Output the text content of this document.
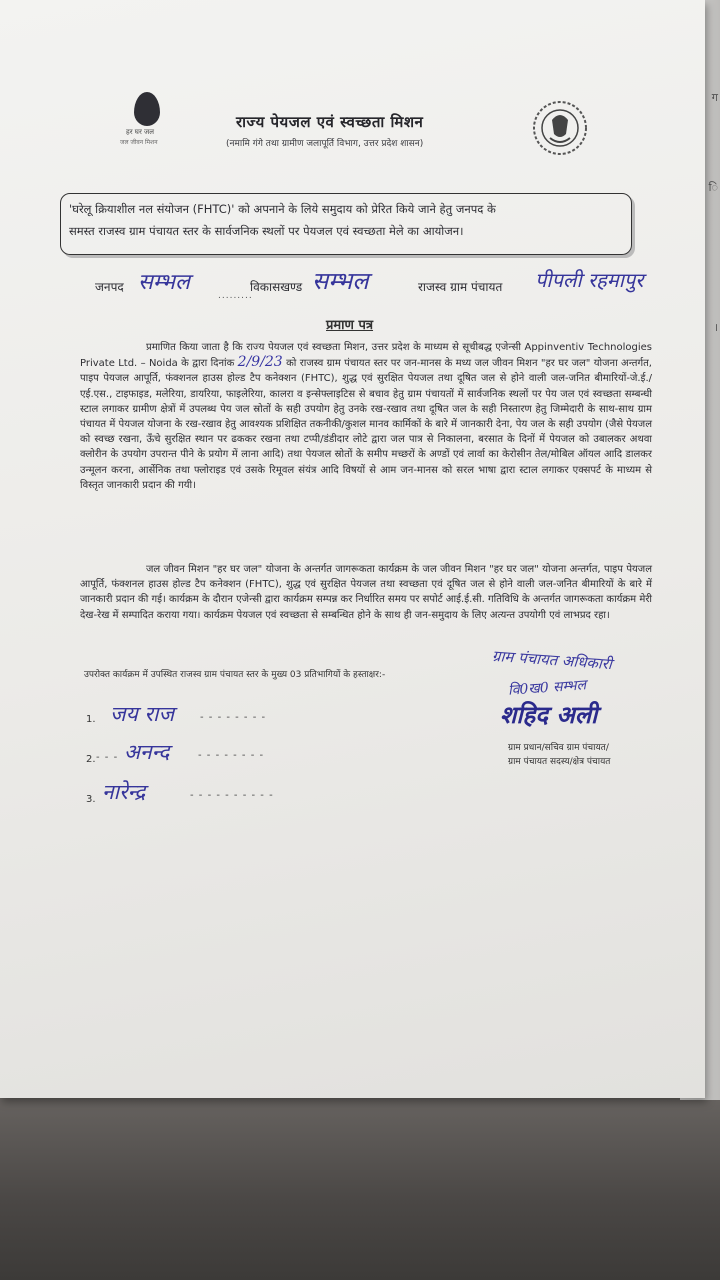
ग
ि
।
हर घर जल
जल जीवन मिशन
राज्य पेयजल एवं स्वच्छता मिशन
(नमामि गंगे तथा ग्रामीण जलापूर्ति विभाग, उत्तर प्रदेश शासन)
'घरेलू क्रियाशील नल संयोजन (FHTC)' को अपनाने के लिये समुदाय को प्रेरित किये जाने हेतु जनपद के
समस्त राजस्व ग्राम पंचायत स्तर के सार्वजनिक स्थलों पर पेयजल एवं स्वच्छता मेले का आयोजन।
जनपद सम्भल
.........
विकासखण्ड सम्भल	राजस्व ग्राम पंचायत पीपली रहमापुर
प्रमाण पत्र
प्रमाणित किया जाता है कि राज्य पेयजल एवं स्वच्छता मिशन, उत्तर प्रदेश के माध्यम से सूचीबद्ध एजेन्सी Appinventiv Technologies Private Ltd. – Noida के द्वारा दिनांक 2/9/23 को राजस्व ग्राम पंचायत स्तर पर जन-मानस के मध्य जल जीवन मिशन "हर घर जल" योजना अन्तर्गत, पाइप पेयजल आपूर्ति, फंक्शनल हाउस होल्ड टैप कनेक्शन (FHTC), शुद्ध एवं सुरक्षित पेयजल तथा दूषित जल से होने वाली जल-जनित बीमारियों-जे.ई./एई.एस., टाइफाइड, मलेरिया, डायरिया, फाइलेरिया, कालरा व इन्सेफ्लाइटिस से बचाव हेतु ग्राम पंचायतों में सार्वजनिक स्थलों पर पेय जल एवं स्वच्छता सम्बन्धी स्टाल लगाकर ग्रामीण क्षेत्रों में उपलब्ध पेय जल स्रोतों के सही उपयोग हेतु उनके रख-रखाव तथा दूषित जल के सही निस्तारण हेतु जिम्मेदारी के साथ-साथ ग्राम पंचायत में पेयजल योजना के रख-रखाव हेतु आवश्यक प्रशिक्षित तकनीकी/कुशल मानव कार्मिकों के बारे में जानकारी देना, पेय जल के सही उपयोग (जैसे पेयजल को स्वच्छ रखना, ऊँचे सुरक्षित स्थान पर ढककर रखना तथा टप्पी/डंडीदार लोटे द्वारा जल पात्र से निकालना, बरसात के दिनों में पेयजल को उबालकर अथवा क्लोरीन के उपयोग उपरान्त पीने के प्रयोग में लाना आदि) तथा पेयजल स्रोतों के समीप मच्छरों के अण्डों एवं लार्वा का केरोसीन तेल/मोबिल ऑयल आदि डालकर उन्मूलन करना, आर्सेनिक तथा फ्लोराइड एवं उसके रिमूवल संयंत्र आदि विषयों से आम जन-मानस को सरल भाषा द्वारा स्टाल लगाकर एक्सपर्ट के माध्यम से विस्तृत जानकारी प्रदान की गयी।
जल जीवन मिशन "हर घर जल" योजना के अन्तर्गत जागरूकता कार्यक्रम के जल जीवन मिशन "हर घर जल" योजना अन्तर्गत, पाइप पेयजल आपूर्ति, फंक्शनल हाउस होल्ड टैप कनेक्शन (FHTC), शुद्ध एवं सुरक्षित पेयजल तथा स्वच्छता एवं दूषित जल से होने वाली जल-जनित बीमारियों के बारे में जानकारी प्रदान की गई। कार्यक्रम के दौरान एजेन्सी द्वारा कार्यक्रम सम्पन्न कर निर्धारित समय पर सपोर्ट आई.ई.सी. गतिविधि के अन्तर्गत जागरूकता कार्यक्रम मेरी देख-रेख में सम्पादित कराया गया। कार्यक्रम पेयजल एवं स्वच्छता से सम्बन्धित होने के साथ ही जन-समुदाय के लिए अत्यन्त उपयोगी एवं लाभप्रद रहा।
उपरोक्त कार्यक्रम में उपस्थित राजस्व ग्राम पंचायत स्तर के मुख्य 03 प्रतिभागियों के हस्ताक्षर:-
1. जय राज	- - - - - - - -
2. - - - अनन्द	- - - - - - - -
3. नारेन्द्र	- - - - - - - - - -
ग्राम पंचायत अधिकारी
वि0ख0 सम्भल
शहिद अली
ग्राम प्रधान/सचिव ग्राम पंचायत/
ग्राम पंचायत सदस्य/क्षेत्र पंचायत
